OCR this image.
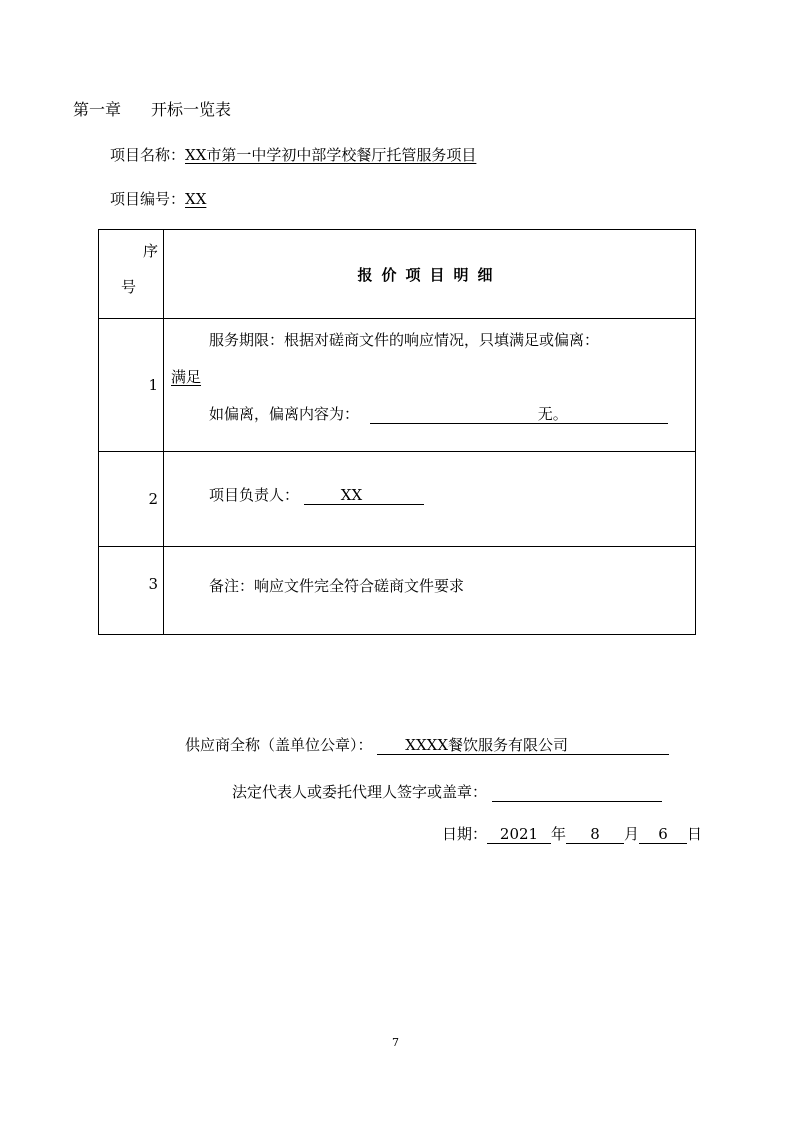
第一章 开标一览表
项目名称：XX市第一中学初中部学校餐厅托管服务项目
项目编号：XX
序
号	报价项目明细
1	服务期限：根据对磋商文件的响应情况，只填满足或偏离：
满足
如偏离，偏离内容为： 无。

2	项目负责人： XX

3	备注：响应文件完全符合磋商文件要求
供应商全称（盖单位公章）： XXXX餐饮服务有限公司
法定代表人或委托代理人签字或盖章：
日期： 2021 年 8 月 6 日
7
